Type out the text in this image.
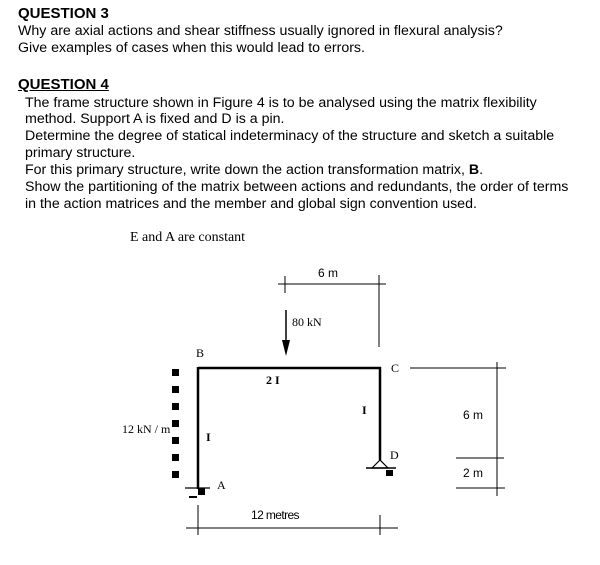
QUESTION 3
Why are axial actions and shear stiffness usually ignored in flexural analysis?
Give examples of cases when this would lead to errors.
QUESTION 4
The frame structure shown in Figure 4 is to be analysed using the matrix flexibility
method. Support A is fixed and D is a pin.
Determine the degree of statical indeterminacy of the structure and sketch a suitable
primary structure.
For this primary structure, write down the action transformation matrix, B.
Show the partitioning of the matrix between actions and redundants, the order of terms
in the action matrices and the member and global sign convention used.
E and A are constant
6 m
6 m
2 m
12 metres
80 kN
B
C
D
A
2 I
I
I
12 kN / m
